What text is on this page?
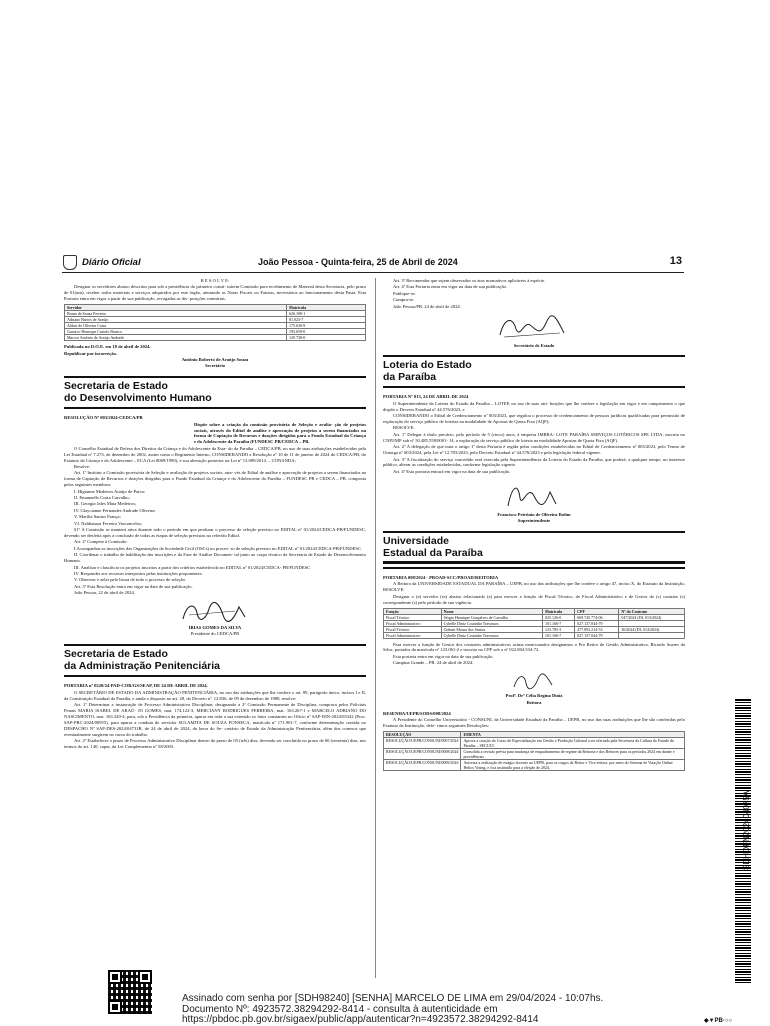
Diário Oficial	João Pessoa - Quinta-feira, 25 de Abril de 2024	13

R E S O L V E:

Designar os servidores abaixo descritos para sob a presidência do primeiro consti- tuírem Comissão para recebimento de Material desta Secretaria, pelo prazo de 01(um), receber todos materiais e serviços adquiridos por este órgão, atestando as Notas Fiscais ou Faturas, necessários ao funcionamento desta Pasta. Esta Portaria entra em vigor a partir de sua publicação, revogadas as dis- posições contrárias.

Servidor	Matrícula
Bruna de Sousa Ferreira	626.180-1
Adriano Barros de Araújo	81.023-7
Aldair de Oliveira Costa	175.636-9
Gustavo Henrique Castelo Branco	193.659-0
Marcos Antônio de Araújo Andrade	129.738-0

Publicada no D.O.E. em 18 de abril de 2024.

Republicar por incorreção.

Antônio Roberto de Araújo Souza

Secretário

Secretaria de Estado
do Desenvolvimento Humano

RESOLUÇÃO Nº 003/2024-CEDCA/PB

Dispõe sobre a criação da comissão provisória de Seleção e avalia- ção de projetos sociais, através do Edital de análise e aprovação de projetos a serem financiados na forma de Captação de Recursos e doações dirigidas para o Fundo Estadual da Criança e do Adolescente da Paraíba (FUNDESC PB/CEDCA – PB.

O Conselho Estadual de Defesa dos Direitos da Criança e do Adolescente da Esta- do da Paraíba – CEDCA/PB, no uso de suas atribuições estabelecidas pela Lei Estadual nº 7.273, de dezembro de 2002, assim como o Regimento Interno, CONSIDERANDO a Resolução nº 10 de 11 de janeiro de 2024 do CEDCA/PB, do Estatuto da Criança e do Adolescente – ECA (Lei 8069/1990), e sua alteração posterior na Lei nº 13.089/2014. – CONANDA;

Resolve:

Art. 1º Instituir a Comissão provisória de Seleção e avaliação de projetos sociais, atra- vés do Edital de análise e aprovação de projetos a serem financiados na forma de Captação de Recursos e doações dirigidas para o Fundo Estadual da Criança e do Adolescente da Paraíba – FUNDESC PB e CEDCA – PB, composta pelos seguintes membros:

I. Higianne Medeiros Araújo de Paiva;

II. Emanuelle Costa Carvalho;

III. Georgia Jales Maia Medeiros;

IV. Glaycianne Fernandes Andrade Oliveira;

V. Marília Santos França;

VI. Naldianara Ferreira Vasconcelos;

§1º A Comissão se manterá ativa durante todo o período em que perdurar o processo de seleção previsto no EDITAL nº 01/2024/CEDCA-PB/FUNDESC, devendo ser desfeita após a conclusão de todas as etapas de seleção previstas no referido Edital.

Art. 2º Compete à Comissão:

I.Acompanhar as inscrições das Organizações da Sociedade Civil (OSCs) no proces- so de seleção previsto no EDITAL nº 01/2024/CEDCA-PB/FUNDESC.

II. Coordenar o trabalho de habilitação das inscrições e da Fase de Análise Documen- tal junto ao corpo técnico da Secretaria de Estado do Desenvolvimento Humano.

III. Analisar e classificar os projetos inscritos a partir dos critérios estabelecido no EDITAL nº 01/2024/CEDCA- PB/FUNDESC

IV. Responder aos recursos interpostos pelas instituições proponentes.

V. Observar e zelar pela lisura de todo o processo de seleção.

Art. 3º Esta Resolução entra em vigor na data de sua publicação.

João Pessoa, 22 de abril de 2024.

IBIAS GOMES DA SILVA

Presidente do CEDCA/PB

Secretaria de Estado
da Administração Penitenciária

PORTARIA nº 0220/24-PAD-COR/GS/SEAP, DE 24 DE ABRIL DE 2024.

O SECRETÁRIO DE ESTADO DA ADMINISTRAÇÃO PENITENCIÁRIA, no uso das atribuições que lhe confere o art. 89, parágrafo único, incisos I e II, da Constituição Estadual da Paraíba, e ainda o disposto no art. 28, do Decreto nº. 12.836, de 09 de dezembro de 1988, resolve:

Art. 1º Determinar a instauração de Processo Administrativo Disciplinar, designando a 2ª Comissão Permanente de Disciplina, composta pelos Policiais Penais MARIA ISABEL DE ARAÚ- JO GOMES, mat. 174.122-3, MERCIANY RODRIGUES FERREIRA, mat. 163.267-1 e MARCELO ADRIANO DO NASCIMENTO, mat. 163.320-4, para, sob a Presidência da primeira, apurar em toda a sua extensão os fatos constantes no Ofício nº SAP-DIN-2024/03342 (Proc. SAP-PRC-2024/00955), para apurar a conduta do servidor SULAMITA DE SOUZA FONSECA, matrícula nº 171.901-7, conforme determinação contida no DESPACHO Nº SAP-DES-2024/04731B, de 24 de abril de 2024, da lavra do Se- cretário de Estado da Administração Penitenciária, além dos conexos que eventualmente surgirem no curso do trabalho.

Art. 2º Estabelecer o prazo de Processo Administrativo Disciplinar dentro do prazo de 03 (três) dias, devendo ser concluído no prazo de 60 (sessenta) dias, nos termos do art. 140, caput, da Lei Complementar nº 58/2003.

Art. 3º Recomendar que sejam observados os atos normativos aplicáveis à espécie.

Art. 4º Esta Portaria entra em vigor na data de sua publicação.

Publique-se.

Cumpra-se.

João Pessoa/PB, 24 de abril de 2024.

Secretário de Estado

Loteria do Estado
da Paraíba

PORTARIA Nº 013, 24 DE ABRIL DE 2024

O Superintendente da Loteria do Estado da Paraíba – LOTEP, no uso de suas atri- buições que lhe confere a legislação em vigor e em cumprimento o que dispõe o Decreto Estadual nº 44.576/2023, e

CONSIDERANDO o Edital de Credenciamento nº 003/2023, que regulou o processo de credenciamento de pessoas jurídicas qualificadas para permissão de exploração do serviço público de loterias na modalidade de Apostas de Quota Fixa (AQF);

RESOLVE:

Art. 1º Delegar à título precário, pelo período de 5 (cinco) anos, à empresa IMBRA- LOTE PARAÍBA SERVIÇOS LOTÉRICOS SPE LTDA, inscrita no CNPJ/MF sob nº 50.485.558/0001- 14, a exploração do serviço público de loteria na modalidade Apostas de Quota Fixa (AQF).

Art. 2º A delegação de que trata o artigo 1º desta Portaria é regida pelas condições estabelecidas no Edital de Credenciamento nº 003/2023, pelo Termo de Outorga nº 003/2024, pela Lei nº 12.703/2023, pelo Decreto Estadual nº 44.576/2023 e pela legislação federal vigente.

Art. 3º A fiscalização do serviço concedido será exercida pela Superintendência da Loteria do Estado da Paraíba, que poderá, a qualquer tempo, no interesse público, alterar as condições estabelecidas, conforme legislação vigente.

Art. 4º Esta portaria entrará em vigor na data de sua publicação.

Francisco Petrônio de Oliveira Rolim

Superintendente

Universidade
Estadual da Paraíba

PORTARIA 008/2024 - PROAD-SCC/PROAD/REITORIA

A Reitora da UNIVERSIDADE ESTADUAL DA PARAÍBA – UEPB, no uso das atribuições que lhe confere o artigo 47, inciso X, do Estatuto da Instituição, RESOLVE:

Designar o (a) servidor (es) abaixo relacionado (a) para exercer a função de Fiscal Técnico, de Fiscal Administrativo e de Gestor do (s) contrato (s) correspondente (s) pelo período de sua vigência.

Função	Nome	Matrícula	CPF	Nº do Contrato
Fiscal Técnico	Sérgio Henrique Gonçalves de Carvalho	025.126-0	069.745.774-06	047/2024 (DL 013/2024)
Fiscal Administrativo	Cybelle Diniz Coutinho Travassos	101.166-7	027.137.044-79	
Fiscal Técnico	Cidemi Moura dos Santos	123.785-3	477.893.214-53	30/2024 (DL 014/2024)
Fiscal Administrativo	Cybelle Diniz Coutinho Travassos	101.166-7	027.137.044-79	

Para exercer a função de Gestor dos contratos administrativos acima mencionados designamos o Pró Reitor de Gestão Administrativa, Ricardo Soares da Silva, portador da matrícula nº 123.061-2 e inscrito no CPF sob o nº 022.804.534-72.

Esta portaria entra em vigor na data de sua publicação.

Campina Grande – PB, 24 de abril de 2024.

Profª. Drª Célia Regina Diniz

Reitora

RESENHA/UEPB/SODS/008/2024

A Presidente do Conselho Universitário - CONSUNI, da Universidade Estadual da Paraíba – UEPB, no uso das suas atribuições que lhe são conferidas pelo Estatuto da Instituição, defe- rimos seguintes Resoluções:

RESOLUÇÃO	EMENTA
RESOLUÇÃO/UEPB/CONSUNI/0007/2024	Aprova a criação do Curso de Especialização em Gestão e Produção Cultural a ser ofertado pela Secretaria da Cultura do Estado da Paraíba – SECULT.
RESOLUÇÃO/UEPB/CONSUNI/0008/2024	Consolida a revisão prévia para mudança de enquadramento de regime da Reitoria e dos Reitores para os períodos 2024 em diante e providências.
RESOLUÇÃO/UEPB/CONSUNI/0009/2024	Autoriza a realização de estágio docente na UEPB, para os cargos de Reitor e Vice-reitora, por meio do Sistema de Votação Online Helios Voting, e fica instituído para a eleição de 2024.
Assinado com senha por [SDH98240] [SENHA] MARCELO DE LIMA em 29/04/2024 - 10:07hs.
Documento Nº: 4923572.38294292-8414 - consulta à autenticidade em
https://pbdoc.pb.gov.br/sigaex/public/app/autenticar?n=4923572.38294292-8414
SDHOFN202404075A
◆▼PB·○○
